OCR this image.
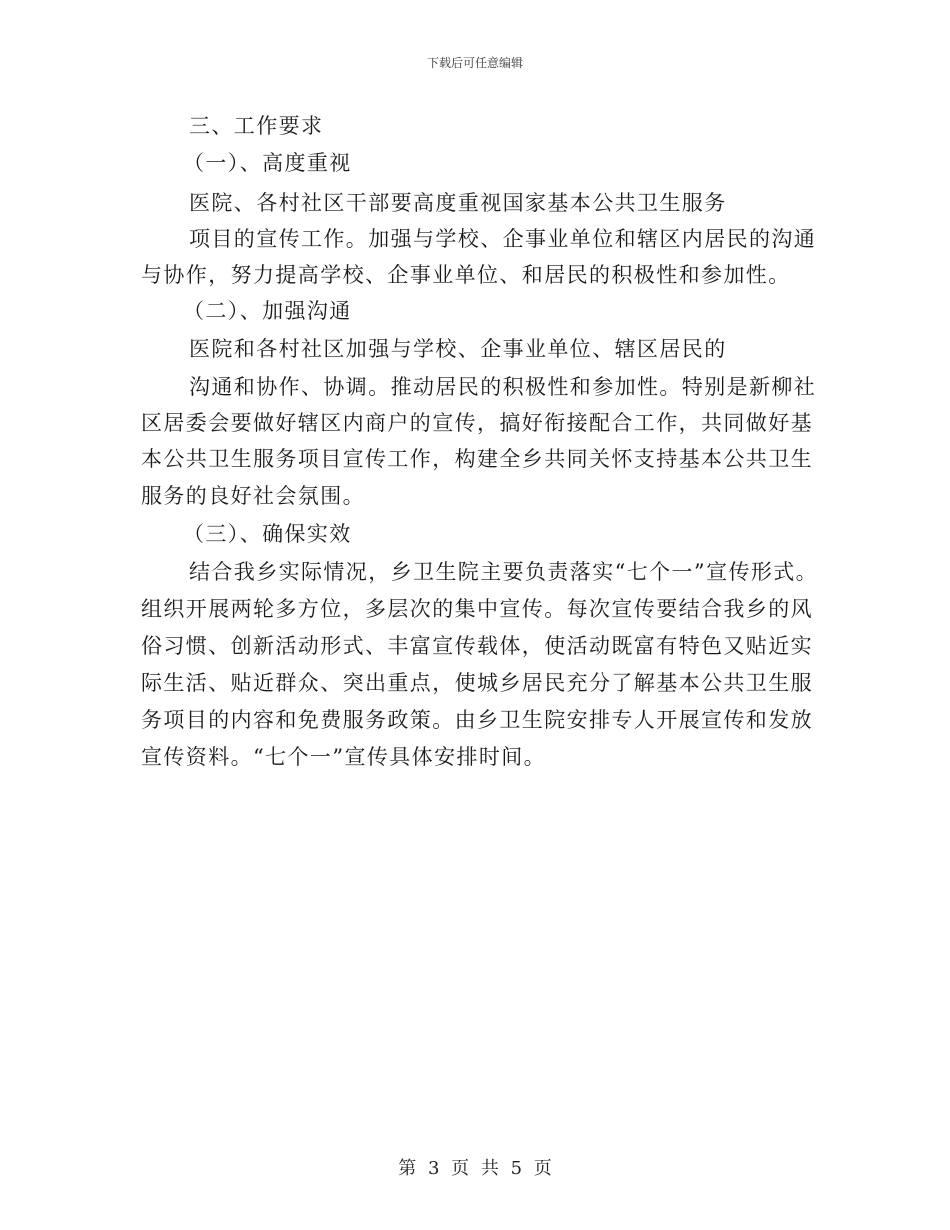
下载后可任意编辑
三、工作要求
（一）、高度重视
医院、各村社区干部要高度重视国家基本公共卫生服务
项目的宣传工作。加强与学校、企事业单位和辖区内居民的沟通
与协作，努力提高学校、企事业单位、和居民的积极性和参加性。
（二）、加强沟通
医院和各村社区加强与学校、企事业单位、辖区居民的
沟通和协作、协调。推动居民的积极性和参加性。特别是新柳社
区居委会要做好辖区内商户的宣传，搞好衔接配合工作，共同做好基
本公共卫生服务项目宣传工作，构建全乡共同关怀支持基本公共卫生
服务的良好社会氛围。
（三）、确保实效
结合我乡实际情况，乡卫生院主要负责落实“七个一”宣传形式。
组织开展两轮多方位，多层次的集中宣传。每次宣传要结合我乡的风
俗习惯、创新活动形式、丰富宣传载体，使活动既富有特色又贴近实
际生活、贴近群众、突出重点，使城乡居民充分了解基本公共卫生服
务项目的内容和免费服务政策。由乡卫生院安排专人开展宣传和发放
宣传资料。“七个一”宣传具体安排时间。
第 3 页 共 5 页
